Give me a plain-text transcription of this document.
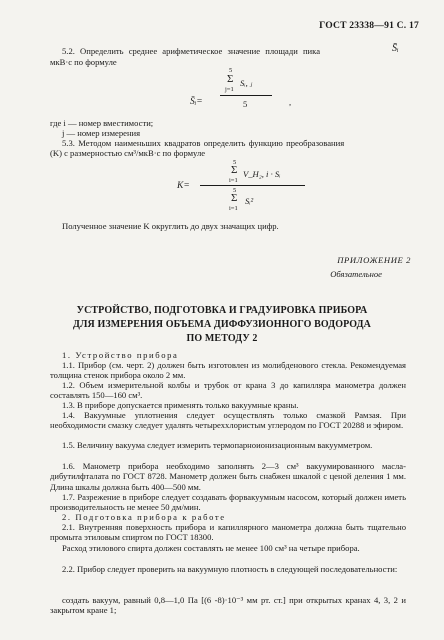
ГОСТ 23338—91 С. 17
5.2. Определить среднее арифметическое значение площади пика	S̄ᵢ
мкВ·с по формуле
S̄ᵢ=
5
Σ Sᵢ, ⱼ
j=1
5	,
где i — номер вместимости;
j — номер измерения
5.3. Методом наименьших квадратов определить функцию преобразования
(K) с размерностью см³/мкВ·с по формуле
K=
5
Σ V_H₂, i · Sᵢ
i=1
5
Σ Sᵢ²
i=1
Полученное значение K округлить до двух значащих цифр.
ПРИЛОЖЕНИЕ 2
Обязательное
УСТРОЙСТВО, ПОДГОТОВКА И ГРАДУИРОВКА ПРИБОРА
ДЛЯ ИЗМЕРЕНИЯ ОБЪЕМА ДИФФУЗИОННОГО ВОДОРОДА
ПО МЕТОДУ 2
1. Устройство прибора
1.1. Прибор (см. черт. 2) должен быть изготовлен из молибденового стекла. Рекомендуемая толщина стенок прибора около 2 мм.
1.2. Объем измерительной колбы и трубок от крана 3 до капилляра манометра должен составлять 150—160 см³.
1.3. В приборе допускается применять только вакуумные краны.
1.4. Вакуумные уплотнения следует осуществлять только смазкой Рамзая. При необходимости смазку следует удалять четыреххлористым углеродом по ГОСТ 20288 и эфиром.
1.5. Величину вакуума следует измерить термопарноионизационным вакуумметром.
1.6. Манометр прибора необходимо заполнять 2—3 см³ вакуумированного масла-дибутилфталата по ГОСТ 8728. Манометр должен быть снабжен шкалой с ценой деления 1 мм. Длина шкалы должна быть 400—500 мм.
1.7. Разрежение в приборе следует создавать форвакуумным насосом, который должен иметь производительность не менее 50 дм/мин.
2. Подготовка прибора к работе
2.1. Внутренняя поверхность прибора и капиллярного манометра должна быть тщательно промыта этиловым спиртом по ГОСТ 18300.
Расход этилового спирта должен составлять не менее 100 см³ на четыре прибора.
2.2. Прибор следует проверить на вакуумную плотность в следующей последовательности:
создать вакуум, равный 0,8—1,0 Па [(6 -8)·10⁻³ мм рт. ст.] при открытых кранах 4, 3, 2 и закрытом кране 1;
